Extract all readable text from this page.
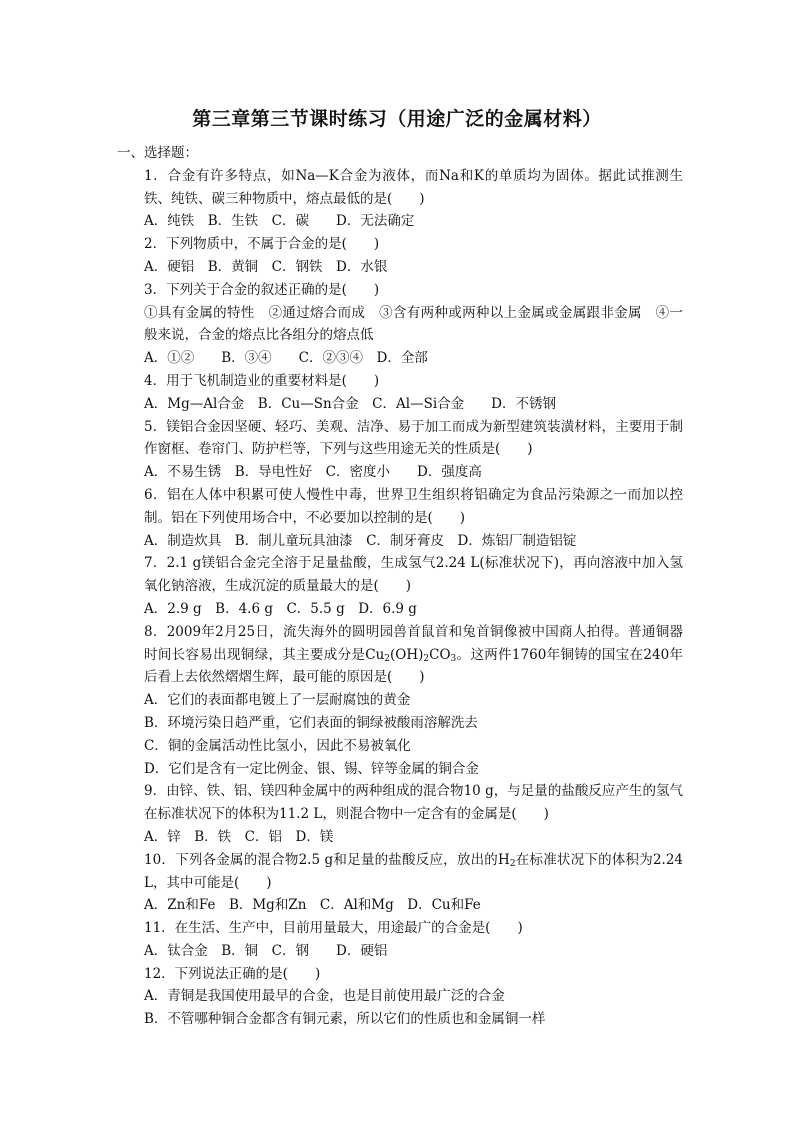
第三章第三节课时练习（用途广泛的金属材料）
一、选择题：
1．合金有许多特点，如Na—K合金为液体，而Na和K的单质均为固体。据此试推测生铁、纯铁、碳三种物质中，熔点最低的是(　　)
A．纯铁　B．生铁　C．碳　　D．无法确定
2．下列物质中，不属于合金的是(　　)
A．硬铝　B．黄铜　C．钢铁　D．水银
3．下列关于合金的叙述正确的是(　　)
①具有金属的特性　②通过熔合而成　③含有两种或两种以上金属或金属跟非金属　④一般来说，合金的熔点比各组分的熔点低
A．①②　　B．③④　　C．②③④　D．全部
4．用于飞机制造业的重要材料是(　　)
A．Mg—Al合金　B．Cu—Sn合金　C．Al—Si合金　　D．不锈钢
5．镁铝合金因坚硬、轻巧、美观、洁净、易于加工而成为新型建筑装潢材料，主要用于制作窗框、卷帘门、防护栏等，下列与这些用途无关的性质是(　　)
A．不易生锈　B．导电性好　C．密度小　　D．强度高
6．铝在人体中积累可使人慢性中毒，世界卫生组织将铝确定为食品污染源之一而加以控制。铝在下列使用场合中，不必要加以控制的是(　　)
A．制造炊具　B．制儿童玩具油漆　C．制牙膏皮　D．炼铝厂制造铝锭
7．2.1 g镁铝合金完全溶于足量盐酸，生成氢气2.24 L(标准状况下)，再向溶液中加入氢氧化钠溶液，生成沉淀的质量最大的是(　　)
A．2.9 g　B．4.6 g　C．5.5 g　D．6.9 g
8．2009年2月25日，流失海外的圆明园兽首鼠首和兔首铜像被中国商人拍得。普通铜器时间长容易出现铜绿，其主要成分是$Cu_2(OH)_2CO_3$。这两件1760年铜铸的国宝在240年后看上去依然熠熠生辉，最可能的原因是(　　)
A．它们的表面都电镀上了一层耐腐蚀的黄金
B．环境污染日趋严重，它们表面的铜绿被酸雨溶解洗去
C．铜的金属活动性比氢小，因此不易被氧化
D．它们是含有一定比例金、银、锡、锌等金属的铜合金
9．由锌、铁、铝、镁四种金属中的两种组成的混合物10 g，与足量的盐酸反应产生的氢气在标准状况下的体积为11.2 L，则混合物中一定含有的金属是(　　)
A．锌　B．铁　C．铝　D．镁
10．下列各金属的混合物2.5 g和足量的盐酸反应，放出的$H_2$在标准状况下的体积为2.24 L，其中可能是(　　)
A．Zn和Fe　B．Mg和Zn　C．Al和Mg　D．Cu和Fe
11．在生活、生产中，目前用量最大，用途最广的合金是(　　)
A．钛合金　B．铜　C．钢　　D．硬铝
12．下列说法正确的是(　　)
A．青铜是我国使用最早的合金，也是目前使用最广泛的合金
B．不管哪种铜合金都含有铜元素，所以它们的性质也和金属铜一样
